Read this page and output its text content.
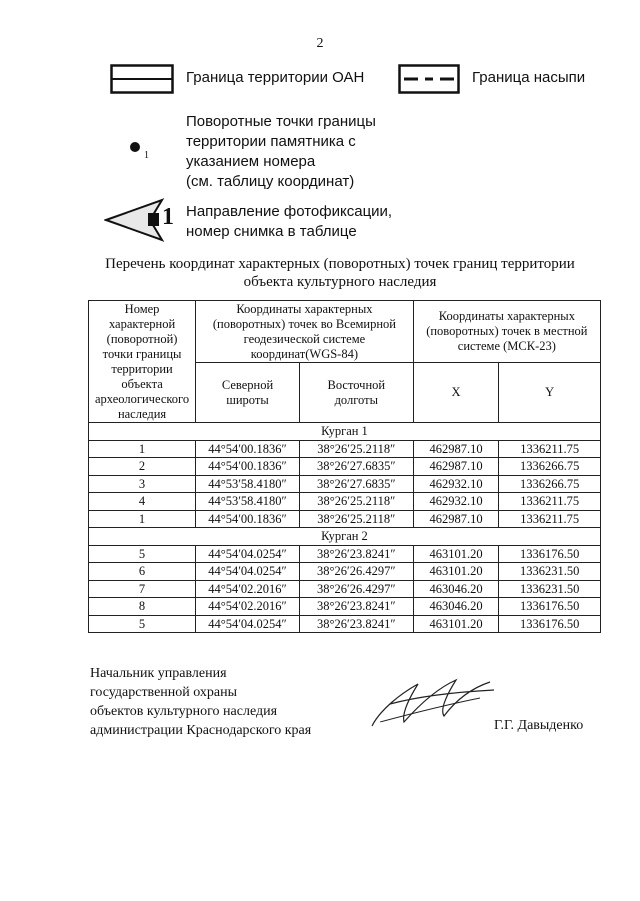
2
Граница территории ОАН	Граница насыпи
1
Поворотные точки границы
территории памятника с
указанием номера
(см. таблицу координат)
1 Направление фотофиксации,
номер снимка в таблице
Перечень координат характерных (поворотных) точек границ территории
объекта культурного наследия
Номер характерной (поворотной) точки границы территории объекта археологического наследия	Координаты характерных (поворотных) точек во Всемирной геодезической системе координат(WGS-84)		Координаты характерных (поворотных) точек в местной системе (МСК-23)	
	Северной широты	Восточной долготы	X	Y
Курган 1				
1	44°54′00.1836″	38°26′25.2118″	462987.10	1336211.75
2	44°54′00.1836″	38°26′27.6835″	462987.10	1336266.75
3	44°53′58.4180″	38°26′27.6835″	462932.10	1336266.75
4	44°53′58.4180″	38°26′25.2118″	462932.10	1336211.75
1	44°54′00.1836″	38°26′25.2118″	462987.10	1336211.75
Курган 2				
5	44°54′04.0254″	38°26′23.8241″	463101.20	1336176.50
6	44°54′04.0254″	38°26′26.4297″	463101.20	1336231.50
7	44°54′02.2016″	38°26′26.4297″	463046.20	1336231.50
8	44°54′02.2016″	38°26′23.8241″	463046.20	1336176.50
5	44°54′04.0254″	38°26′23.8241″	463101.20	1336176.50
Начальник управления
государственной охраны
объектов культурного наследия
администрации Краснодарского края	Г.Г. Давыденко
